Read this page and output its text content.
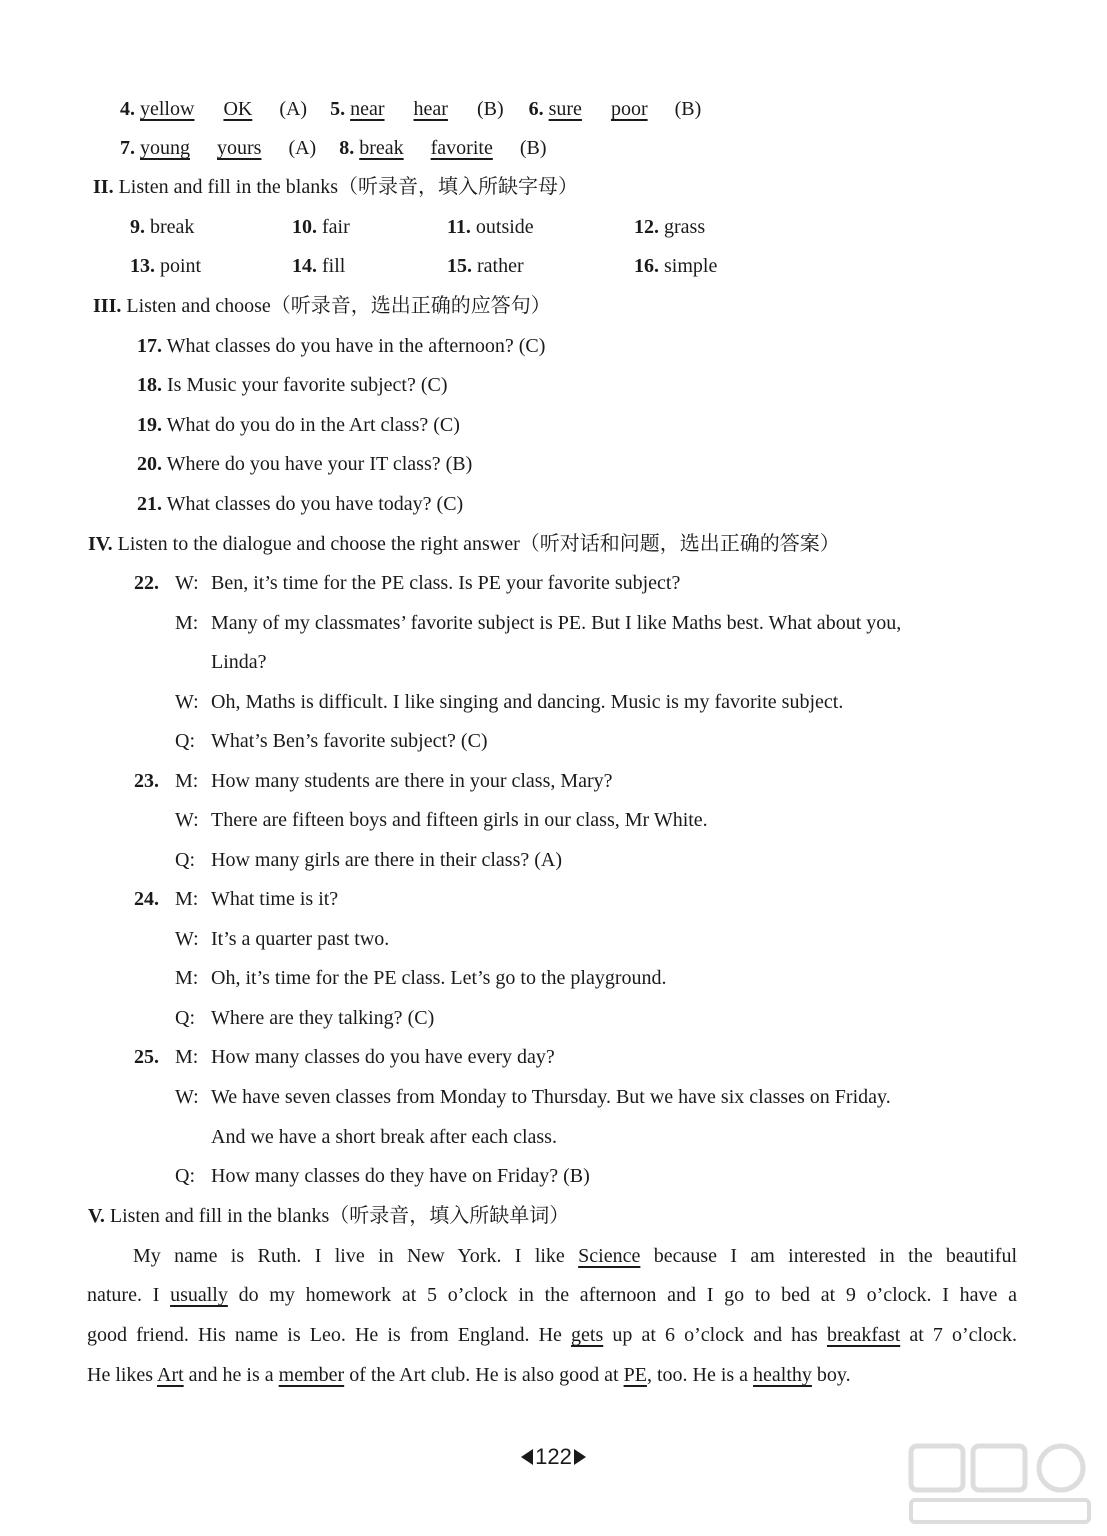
4. yellow OK (A) 5. near hear (B) 6. sure poor (B)
7. young yours (A) 8. break favorite (B)
II. Listen and fill in the blanks（听录音，填入所缺字母）
9. break	10. fair	11. outside	12. grass
13. point	14. fill	15. rather	16. simple
III. Listen and choose（听录音，选出正确的应答句）
17. What classes do you have in the afternoon? (C)
18. Is Music your favorite subject? (C)
19. What do you do in the Art class? (C)
20. Where do you have your IT class? (B)
21. What classes do you have today? (C)
IV. Listen to the dialogue and choose the right answer（听对话和问题，选出正确的答案）
22. W: Ben, it’s time for the PE class. Is PE your favorite subject?
M: Many of my classmates’ favorite subject is PE. But I like Maths best. What about you,
Linda?
W: Oh, Maths is difficult. I like singing and dancing. Music is my favorite subject.
Q: What’s Ben’s favorite subject? (C)
23. M: How many students are there in your class, Mary?
W: There are fifteen boys and fifteen girls in our class, Mr White.
Q: How many girls are there in their class? (A)
24. M: What time is it?
W: It’s a quarter past two.
M: Oh, it’s time for the PE class. Let’s go to the playground.
Q: Where are they talking? (C)
25. M: How many classes do you have every day?
W: We have seven classes from Monday to Thursday. But we have six classes on Friday.
And we have a short break after each class.
Q: How many classes do they have on Friday? (B)
V. Listen and fill in the blanks（听录音，填入所缺单词）
My name is Ruth. I live in New York. I like Science because I am interested in the beautiful
nature. I usually do my homework at 5 o’clock in the afternoon and I go to bed at 9 o’clock. I have a
good friend. His name is Leo. He is from England. He gets up at 6 o’clock and has breakfast at 7 o’clock.
He likes Art and he is a member of the Art club. He is also good at PE, too. He is a healthy boy.
122
